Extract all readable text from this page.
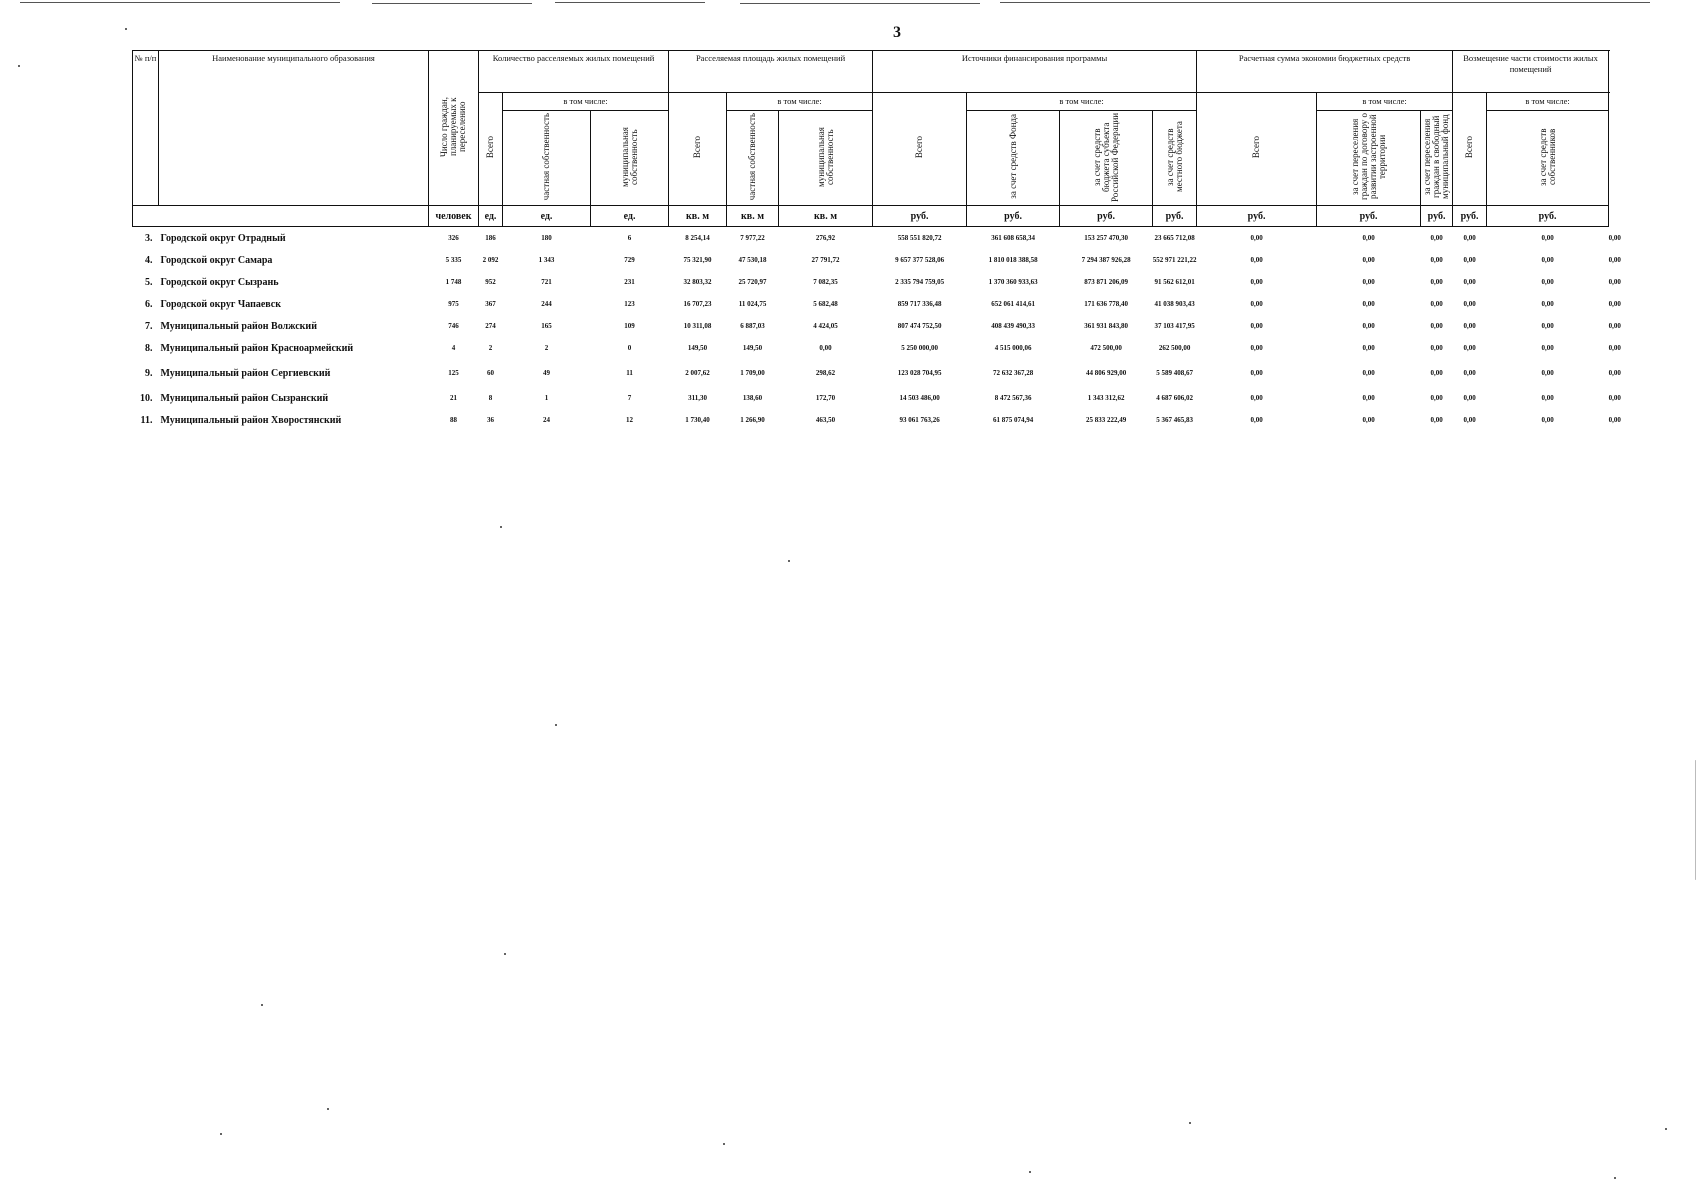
3
№ п/п	Наименование муниципального образования	Число граждан, планируемых к переселению	Количество расселяемых жилых помещений			Расселяемая площадь жилых помещений			Источники финансирования программы				Расчетная сумма экономии бюджетных средств			Возмещение части стоимости жилых помещений		
			Всего	в том числе:		Всего	в том числе:		Всего	в том числе:			Всего	в том числе:		Всего	в том числе:	
				частная собственность	муниципальная собственность		частная собственность	муниципальная собственность		за счет средств Фонда	за счет средств бюджета субъекта Российской Федерации	за счет средств местного бюджета		за счет переселения граждан по договору о развитии застроенной территории	за счет переселения граждан в свободный муниципальный фонд		за счет средств собственников	
		человек	ед.	ед.	ед.	кв. м	кв. м	кв. м	руб.	руб.	руб.	руб.	руб.	руб.	руб.	руб.	руб.	
3.	Городской округ Отрадный	326	186	180	6	8 254,14	7 977,22	276,92	558 551 820,72	361 608 658,34	153 257 470,30	23 665 712,08	0,00	0,00	0,00	0,00	0,00	0,00
4.	Городской округ Самара	5 335	2 092	1 343	729	75 321,90	47 530,18	27 791,72	9 657 377 528,06	1 810 018 388,58	7 294 387 926,28	552 971 221,22	0,00	0,00	0,00	0,00	0,00	0,00
5.	Городской округ Сызрань	1 748	952	721	231	32 803,32	25 720,97	7 082,35	2 335 794 759,05	1 370 360 933,63	873 871 206,09	91 562 612,01	0,00	0,00	0,00	0,00	0,00	0,00
6.	Городской округ Чапаевск	975	367	244	123	16 707,23	11 024,75	5 682,48	859 717 336,48	652 061 414,61	171 636 778,40	41 038 903,43	0,00	0,00	0,00	0,00	0,00	0,00
7.	Муниципальный район Волжский	746	274	165	109	10 311,08	6 887,03	4 424,05	807 474 752,50	408 439 490,33	361 931 843,80	37 103 417,95	0,00	0,00	0,00	0,00	0,00	0,00
8.	Муниципальный район Красноармейский	4	2	2	0	149,50	149,50	0,00	5 250 000,00	4 515 000,06	472 500,00	262 500,00	0,00	0,00	0,00	0,00	0,00	0,00
9.	Муниципальный район Сергиевский	125	60	49	11	2 007,62	1 709,00	298,62	123 028 704,95	72 632 367,28	44 806 929,00	5 589 408,67	0,00	0,00	0,00	0,00	0,00	0,00
10.	Муниципальный район Сызранский	21	8	1	7	311,30	138,60	172,70	14 503 486,00	8 472 567,36	1 343 312,62	4 687 606,02	0,00	0,00	0,00	0,00	0,00	0,00
11.	Муниципальный район Хворостянский	88	36	24	12	1 730,40	1 266,90	463,50	93 061 763,26	61 875 074,94	25 833 222,49	5 367 465,83	0,00	0,00	0,00	0,00	0,00	0,00
